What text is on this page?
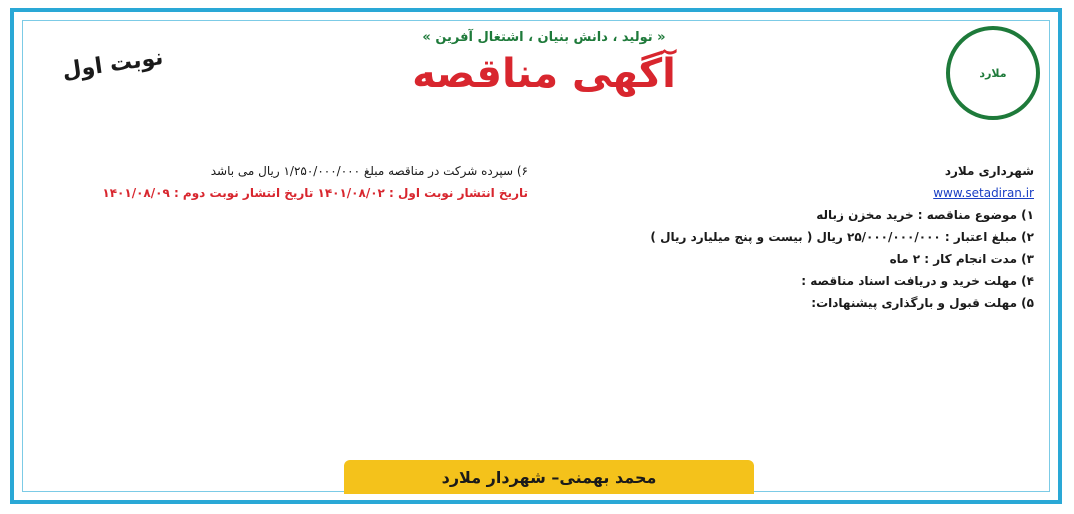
ملارد
نوبت اول
« تولید ، دانش بنیان ، اشتغال آفرین »
آگهی مناقصه

شهرداری ملارد

www.setadiran.ir

۱) موضوع مناقصه : خرید مخزن زباله

۲) مبلغ اعتبار : ۲۵/۰۰۰/۰۰۰/۰۰۰ ریال ( بیست و پنج میلیارد ریال )

۳) مدت انجام کار : ۲ ماه

۴) مهلت خرید و دریافت اسناد مناقصه :

۵) مهلت قبول و بارگذاری پیشنهادات:

۶) سپرده شرکت در مناقصه مبلغ ۱/۲۵۰/۰۰۰/۰۰۰ ریال می باشد

تاریخ انتشار نوبت اول : ۱۴۰۱/۰۸/۰۲ تاریخ انتشار نوبت دوم : ۱۴۰۱/۰۸/۰۹

محمد بهمنی– شهردار ملارد
